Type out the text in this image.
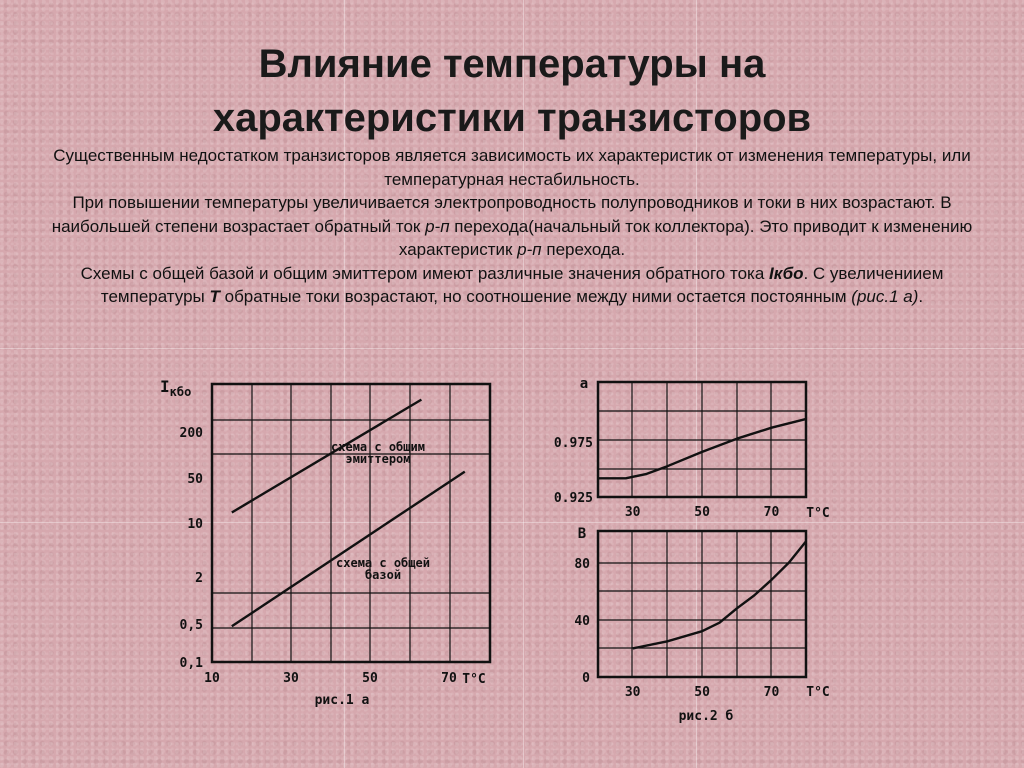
Влияние температуры на
характеристики транзисторов

Существенным недостатком транзисторов является зависимость их характеристик от изменения температуры, или температурная нестабильность.

При повышении температуры увеличивается электропроводность полупроводников и токи в них возрастают. В наибольшей степени возрастает обратный ток р-п перехода(начальный ток коллектора). Это приводит к изменению характеристик р-п перехода.

Схемы с общей базой и общим эмиттером имеют различные значения обратного тока Iкбо. С увеличениием температуры Т обратные токи возрастают, но соотношение между ними остается постоянным (рис.1 а).

0,1
0,5
2
10
50
200
10	30	50	70
Iкбо
T°C
схема с общим эмиттером
схема с общей базой
рис.1 а
0.925
0.975
30	50	70
a
T°C
0
40
80
30	50	70
B
T°C
рис.2 б
